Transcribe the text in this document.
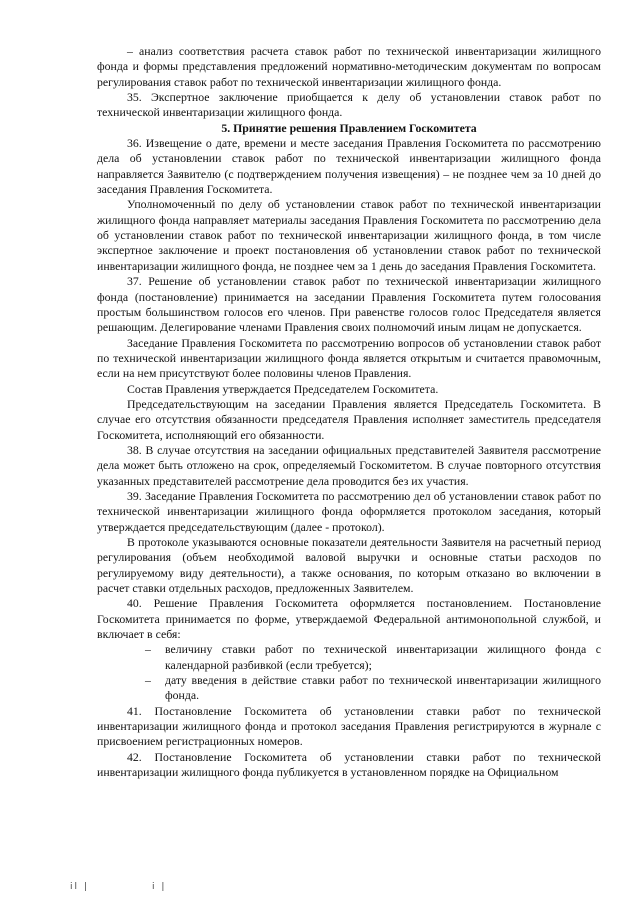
– анализ соответствия расчета ставок работ по технической инвентаризации жилищного фонда и формы представления предложений нормативно-методическим документам по вопросам регулирования ставок работ по технической инвентаризации жилищного фонда.

35. Экспертное заключение приобщается к делу об установлении ставок работ по технической инвентаризации жилищного фонда.

5. Принятие решения Правлением Госкомитета

36. Извещение о дате, времени и месте заседания Правления Госкомитета по рассмотрению дела об установлении ставок работ по технической инвентаризации жилищного фонда направляется Заявителю (с подтверждением получения извещения) – не позднее чем за 10 дней до заседания Правления Госкомитета.

Уполномоченный по делу об установлении ставок работ по технической инвентаризации жилищного фонда направляет материалы заседания Правления Госкомитета по рассмотрению дела об установлении ставок работ по технической инвентаризации жилищного фонда, в том числе экспертное заключение и проект постановления об установлении ставок работ по технической инвентаризации жилищного фонда, не позднее чем за 1 день до заседания Правления Госкомитета.

37. Решение об установлении ставок работ по технической инвентаризации жилищного фонда (постановление) принимается на заседании Правления Госкомитета путем голосования простым большинством голосов его членов. При равенстве голосов голос Председателя является решающим. Делегирование членами Правления своих полномочий иным лицам не допускается.

Заседание Правления Госкомитета по рассмотрению вопросов об установлении ставок работ по технической инвентаризации жилищного фонда является открытым и считается правомочным, если на нем присутствуют более половины членов Правления.

Состав Правления утверждается Председателем Госкомитета.

Председательствующим на заседании Правления является Председатель Госкомитета. В случае его отсутствия обязанности председателя Правления исполняет заместитель председателя Госкомитета, исполняющий его обязанности.

38. В случае отсутствия на заседании официальных представителей Заявителя рассмотрение дела может быть отложено на срок, определяемый Госкомитетом. В случае повторного отсутствия указанных представителей рассмотрение дела проводится без их участия.

39. Заседание Правления Госкомитета по рассмотрению дел об установлении ставок работ по технической инвентаризации жилищного фонда оформляется протоколом заседания, который утверждается председательствующим (далее - протокол).

В протоколе указываются основные показатели деятельности Заявителя на расчетный период регулирования (объем необходимой валовой выручки и основные статьи расходов по регулируемому виду деятельности), а также основания, по которым отказано во включении в расчет ставки отдельных расходов, предложенных Заявителем.

40. Решение Правления Госкомитета оформляется постановлением. Постановление Госкомитета принимается по форме, утверждаемой Федеральной антимонопольной службой, и включает в себя:

– величину ставки работ по технической инвентаризации жилищного фонда с календарной разбивкой (если требуется);

– дату введения в действие ставки работ по технической инвентаризации жилищного фонда.

41. Постановление Госкомитета об установлении ставки работ по технической инвентаризации жилищного фонда и протокол заседания Правления регистрируются в журнале с присвоением регистрационных номеров.

42. Постановление Госкомитета об установлении ставки работ по технической инвентаризации жилищного фонда публикуется в установленном порядке на Официальном

il |	i |
